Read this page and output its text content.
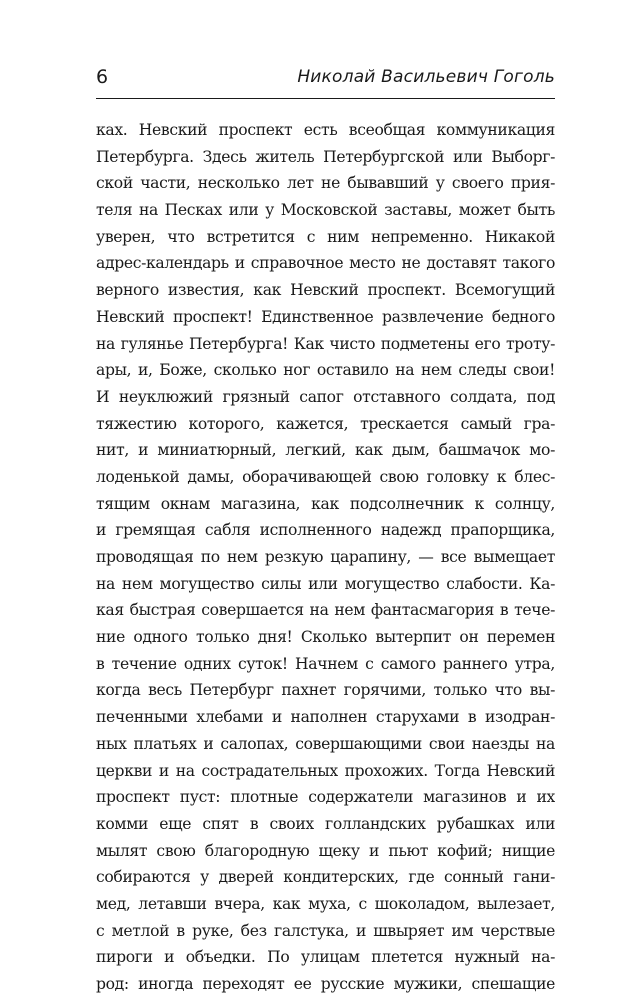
6	Николай Васильевич Гоголь
ках. Невский проспект есть всеобщая коммуникация
Петербурга. Здесь житель Петербургской или Выборг-
ской части, несколько лет не бывавший у своего прия-
теля на Песках или у Московской заставы, может быть
уверен, что встретится с ним непременно. Никакой
адрес-календарь и справочное место не доставят такого
верного известия, как Невский проспект. Всемогущий
Невский проспект! Единственное развлечение бедного
на гулянье Петербурга! Как чисто подметены его троту-
ары, и, Боже, сколько ног оставило на нем следы свои!
И неуклюжий грязный сапог отставного солдата, под
тяжестию которого, кажется, трескается самый гра-
нит, и миниатюрный, легкий, как дым, башмачок мо-
лоденькой дамы, оборачивающей свою головку к блес-
тящим окнам магазина, как подсолнечник к солнцу,
и гремящая сабля исполненного надежд прапорщика,
проводящая по нем резкую царапину, — все вымещает
на нем могущество силы или могущество слабости. Ка-
кая быстрая совершается на нем фантасмагория в тече-
ние одного только дня! Сколько вытерпит он перемен
в течение одних суток! Начнем с самого раннего утра,
когда весь Петербург пахнет горячими, только что вы-
печенными хлебами и наполнен старухами в изодран-
ных платьях и салопах, совершающими свои наезды на
церкви и на сострадательных прохожих. Тогда Невский
проспект пуст: плотные содержатели магазинов и их
комми еще спят в своих голландских рубашках или
мылят свою благородную щеку и пьют кофий; нищие
собираются у дверей кондитерских, где сонный гани-
мед, летавши вчера, как муха, с шоколадом, вылезает,
с метлой в руке, без галстука, и швыряет им черствые
пироги и объедки. По улицам плетется нужный на-
род: иногда переходят ее русские мужики, спешащие
